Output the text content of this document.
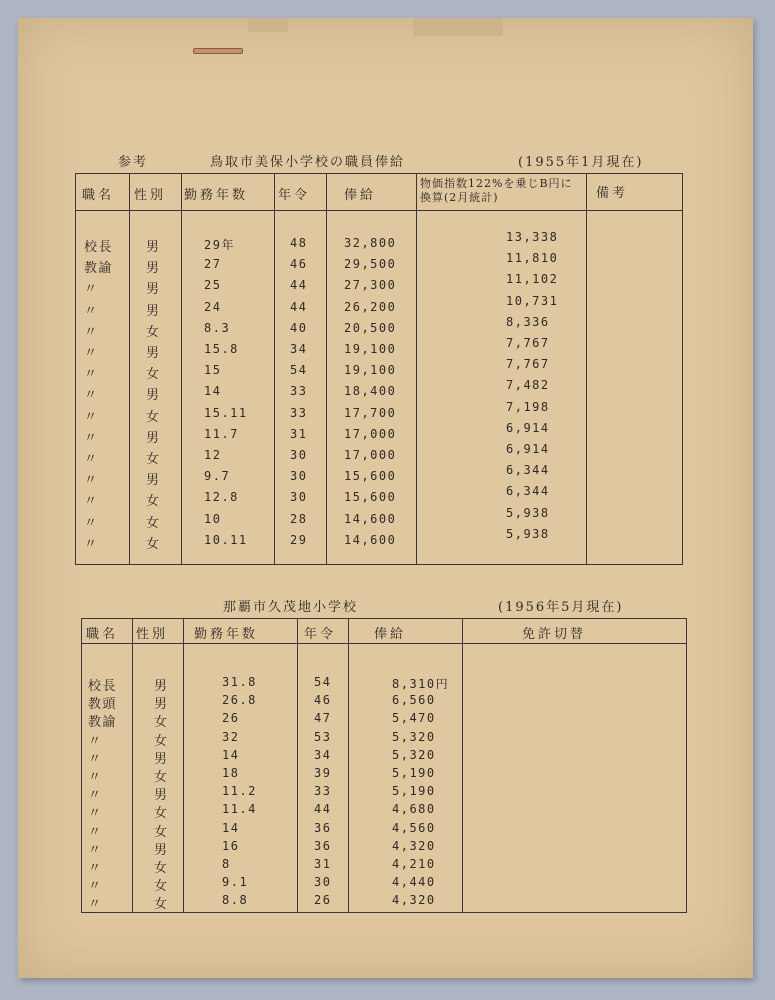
参考	鳥取市美保小学校の職員俸給	(1955年1月現在)
職名 性別 勤務年数 年令	俸給
物価指数122%を乗じB円に換算(2月統計)	備考
校長	男	29年	48	32,800	13,338
教諭	男	27	46	29,500	11,810
〃	男	25	44	27,300	11,102
〃	男	24	44	26,200	10,731
〃	女	8.3	40	20,500	8,336
〃	男	15.8	34	19,100	7,767
〃	女	15	54	19,100	7,767
〃	男	14	33	18,400	7,482
〃	女	15.11	33	17,700	7,198
〃	男	11.7	31	17,000	6,914
〃	女	12	30	17,000	6,914
〃	男	9.7	30	15,600	6,344
〃	女	12.8	30	15,600	6,344
〃	女	10	28	14,600	5,938
〃	女	10.11	29	14,600	5,938
那覇市久茂地小学校	(1956年5月現在)
職名 性別 勤務年数	年令	俸給	免許切替
校長	男	31.8	54	8,310円
教頭	男	26.8	46	6,560
教諭	女	26	47	5,470
〃	女	32	53	5,320
〃	男	14	34	5,320
〃	女	18	39	5,190
〃	男	11.2	33	5,190
〃	女	11.4	44	4,680
〃	女	14	36	4,560
〃	男	16	36	4,320
〃	女	8	31	4,210
〃	女	9.1	30	4,440
〃	女	8.8	26	4,320
